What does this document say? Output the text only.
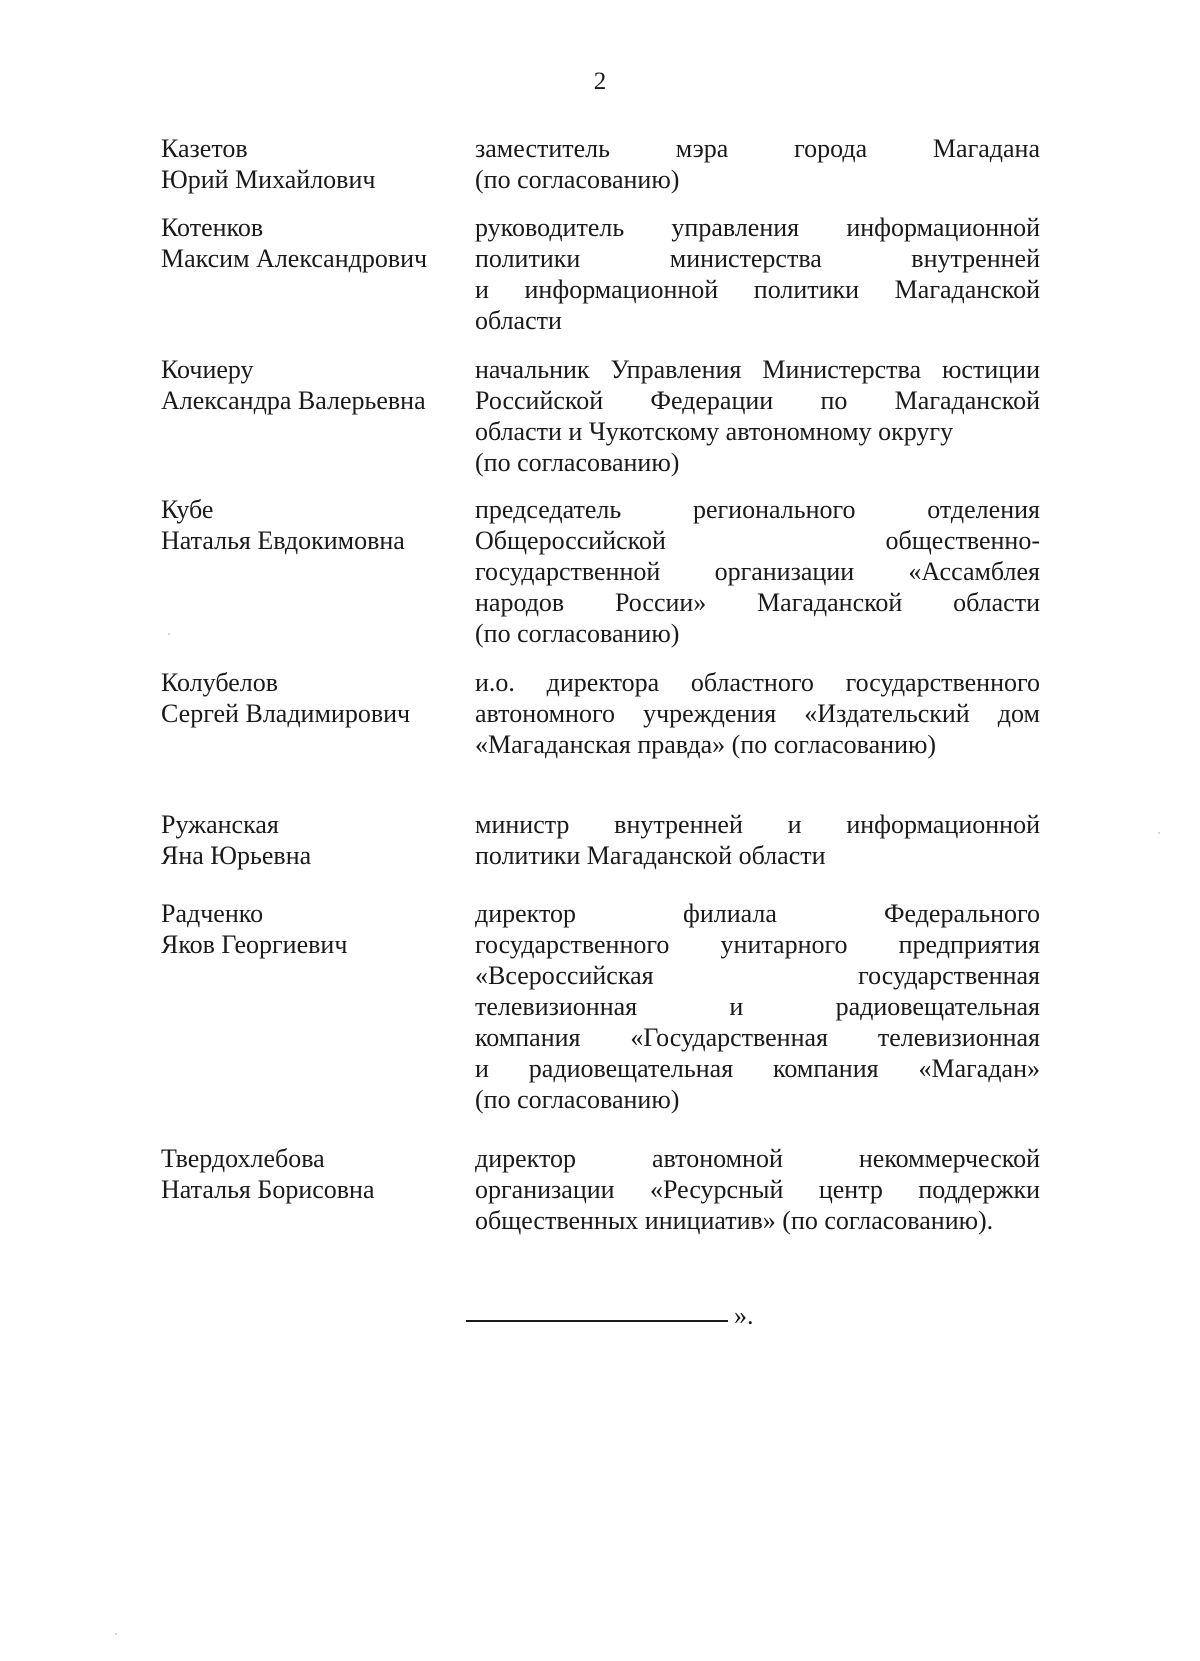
2
Казетов
Юрий Михайлович
заместитель мэра города Магадана
(по согласованию)
Котенков
Максим Александрович
руководитель управления информационной
политики министерства внутренней
и информационной политики Магаданской
области
Кочиеру
Александра Валерьевна
начальник Управления Министерства юстиции
Российской Федерации по Магаданской
области и Чукотскому автономному округу
(по согласованию)
Кубе
Наталья Евдокимовна
председатель регионального отделения
Общероссийской общественно-
государственной организации «Ассамблея
народов России» Магаданской области
(по согласованию)
Колубелов
Сергей Владимирович
и.о. директора областного государственного
автономного учреждения «Издательский дом
«Магаданская правда» (по согласованию)
Ружанская
Яна Юрьевна
министр внутренней и информационной
политики Магаданской области
Радченко
Яков Георгиевич
директор филиала Федерального
государственного унитарного предприятия
«Всероссийская государственная
телевизионная и радиовещательная
компания «Государственная телевизионная
и радиовещательная компания «Магадан»
(по согласованию)
Твердохлебова
Наталья Борисовна
директор автономной некоммерческой
организации «Ресурсный центр поддержки
общественных инициатив» (по согласованию).
».
